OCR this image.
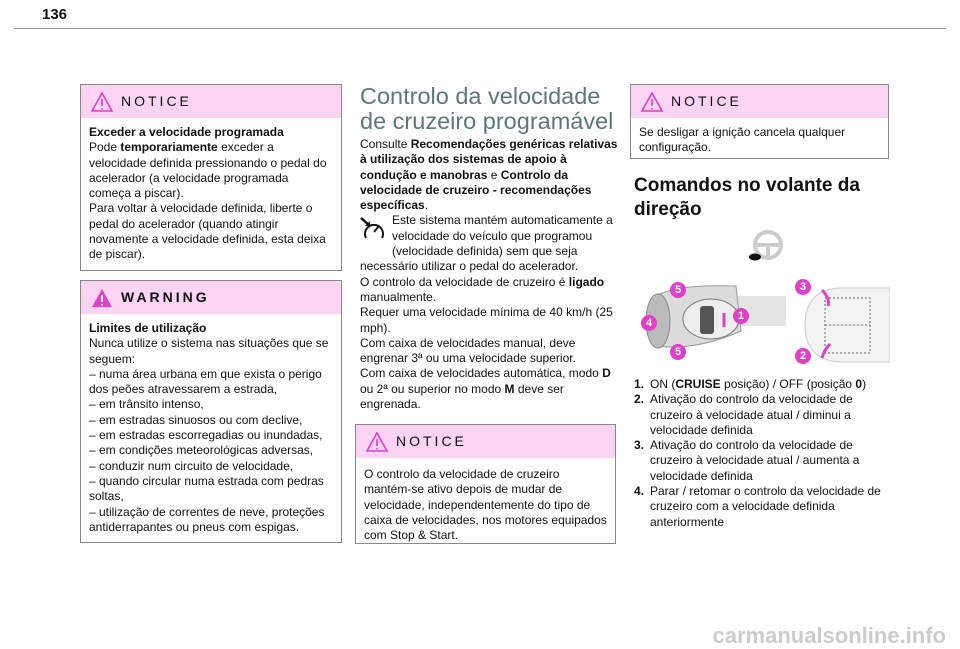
136
NOTICE
Exceder a velocidade programada
Pode temporariamente exceder a velocidade definida pressionando o pedal do acelerador (a velocidade programada começa a piscar).
Para voltar à velocidade definida, liberte o pedal do acelerador (quando atingir novamente a velocidade definida, esta deixa de piscar).
WARNING
Limites de utilização
Nunca utilize o sistema nas situações que se seguem:
– numa área urbana em que exista o perigo dos peões atravessarem a estrada,
– em trânsito intenso,
– em estradas sinuosos ou com declive,
– em estradas escorregadias ou inundadas,
– em condições meteorológicas adversas,
– conduzir num circuito de velocidade,
– quando circular numa estrada com pedras soltas,
– utilização de correntes de neve, proteções antiderrapantes ou pneus com espigas.
Controlo da velocidade de cruzeiro programável
Consulte Recomendações genéricas relativas à utilização dos sistemas de apoio à condução e manobras e Controlo da velocidade de cruzeiro - recomendações específicas.
Este sistema mantém automaticamente a velocidade do veículo que programou (velocidade definida) sem que seja necessário utilizar o pedal do acelerador.
O controlo da velocidade de cruzeiro é ligado manualmente.
Requer uma velocidade mínima de 40 km/h (25 mph).
Com caixa de velocidades manual, deve engrenar 3ª ou uma velocidade superior.
Com caixa de velocidades automática, modo D ou 2ª ou superior no modo M deve ser engrenada.
NOTICE
O controlo da velocidade de cruzeiro mantém-se ativo depois de mudar de velocidade, independentemente do tipo de caixa de velocidades, nos motores equipados com Stop & Start.
NOTICE
Se desligar a ignição cancela qualquer configuração.
Comandos no volante da direção
5
4
5
1
3
2
1. ON (CRUISE posição) / OFF (posição 0)
2. Ativação do controlo da velocidade de cruzeiro à velocidade atual / diminui a velocidade definida
3. Ativação do controlo da velocidade de cruzeiro à velocidade atual / aumenta a velocidade definida
4. Parar / retomar o controlo da velocidade de cruzeiro com a velocidade definida anteriormente
carmanualsonline.info
